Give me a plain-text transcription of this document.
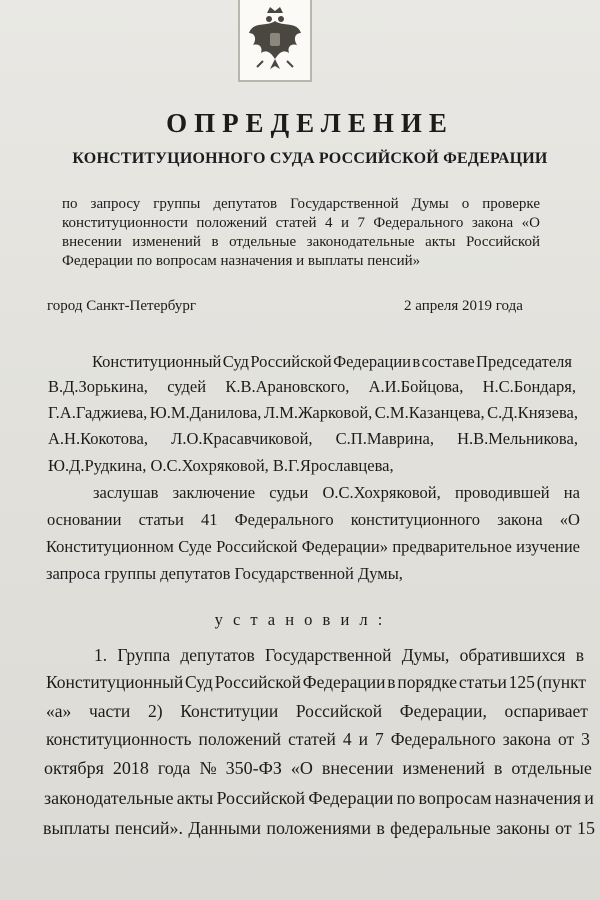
ОПРЕДЕЛЕНИЕ
КОНСТИТУЦИОННОГО СУДА РОССИЙСКОЙ ФЕДЕРАЦИИ
по запросу группы депутатов Государственной Думы о проверке
конституционности положений статей 4 и 7 Федерального закона «О
внесении изменений в отдельные законодательные акты Российской
Федерации по вопросам назначения и выплаты пенсий»
город Санкт-Петербург	2 апреля 2019 года
Конституционный Суд Российской Федерации в составе Председателя
В.Д.Зорькина, судей К.В.Арановского, А.И.Бойцова, Н.С.Бондаря,
Г.А.Гаджиева, Ю.М.Данилова, Л.М.Жарковой, С.М.Казанцева, С.Д.Князева,
А.Н.Кокотова, Л.О.Красавчиковой, С.П.Маврина, Н.В.Мельникова,
Ю.Д.Рудкина, О.С.Хохряковой, В.Г.Ярославцева,
заслушав заключение судьи О.С.Хохряковой, проводившей на
основании статьи 41 Федерального конституционного закона «О
Конституционном Суде Российской Федерации» предварительное изучение
запроса группы депутатов Государственной Думы,
у с т а н о в и л :
1. Группа депутатов Государственной Думы, обратившихся в
Конституционный Суд Российской Федерации в порядке статьи 125 (пункт
«а» части 2) Конституции Российской Федерации, оспаривает
конституционность положений статей 4 и 7 Федерального закона от 3
октября 2018 года № 350-ФЗ «О внесении изменений в отдельные
законодательные акты Российской Федерации по вопросам назначения и
выплаты пенсий». Данными положениями в федеральные законы от 15
